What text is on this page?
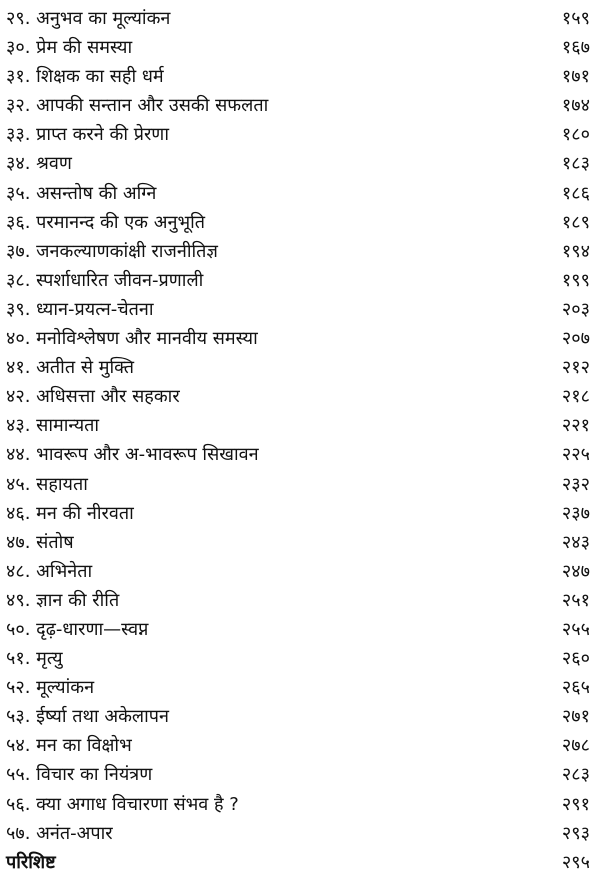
२९. अनुभव का मूल्यांकन	१५९
३०. प्रेम की समस्या	१६७
३१. शिक्षक का सही धर्म	१७१
३२. आपकी सन्तान और उसकी सफलता	१७४
३३. प्राप्त करने की प्रेरणा	१८०
३४. श्रवण	१८३
३५. असन्तोष की अग्नि	१८६
३६. परमानन्द की एक अनुभूति	१८९
३७. जनकल्याणकांक्षी राजनीतिज्ञ	१९४
३८. स्पर्शाधारित जीवन-प्रणाली	१९९
३९. ध्यान-प्रयत्न-चेतना	२०३
४०. मनोविश्लेषण और मानवीय समस्या	२०७
४१. अतीत से मुक्ति	२१२
४२. अधिसत्ता और सहकार	२१८
४३. सामान्यता	२२१
४४. भावरूप और अ-भावरूप सिखावन	२२५
४५. सहायता	२३२
४६. मन की नीरवता	२३७
४७. संतोष	२४३
४८. अभिनेता	२४७
४९. ज्ञान की रीति	२५१
५०. दृढ़-धारणा—स्वप्न	२५५
५१. मृत्यु	२६०
५२. मूल्यांकन	२६५
५३. ईर्ष्या तथा अकेलापन	२७१
५४. मन का विक्षोभ	२७८
५५. विचार का नियंत्रण	२८३
५६. क्या अगाध विचारणा संभव है ?	२९१
५७. अनंत-अपार	२९३
परिशिष्ट	२९५
